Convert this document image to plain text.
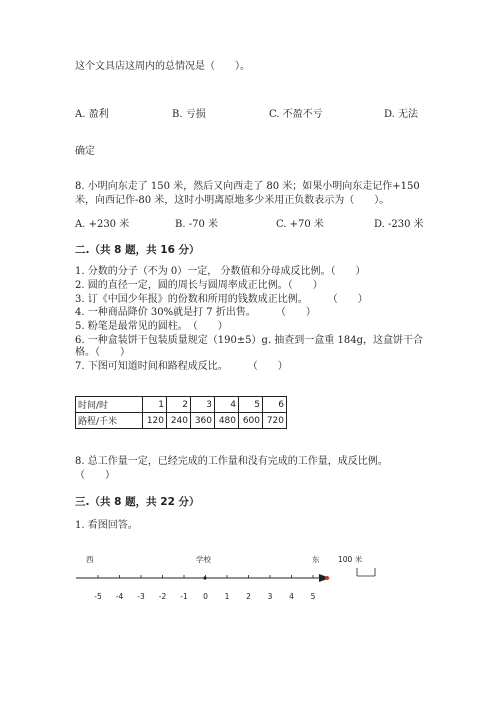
这个文具店这周内的总情况是（　　）。
A. 盈利	B. 亏损	C. 不盈不亏	D. 无法
确定
8. 小明向东走了 150 米，然后又向西走了 80 米；如果小明向东走记作+150
米，向西记作-80 米，这时小明离原地多少米用正负数表示为（　　）。
A. +230 米	B. -70 米	C. +70 米	D. -230 米
二.（共 8 题，共 16 分）
1. 分数的分子（不为 0）一定， 分数值和分母成反比例。（　　）
2. 圆的直径一定，圆的周长与圆周率成正比例。（　　）
3. 订《中国少年报》的份数和所用的钱数成正比例。　　　（　　）
4. 一种商品降价 30%就是打 7 折出售。　　　（　　）
5. 粉笔是最常见的圆柱。　（　　）
6. 一种盒装饼干包装质量规定（190±5）g. 抽查到一盒重 184g，这盒饼干合
格。（　　）
7. 下图可知道时间和路程成反比。　　　（　　）
时间/时	1	2	3	4	5	6
路程/千米	120	240	360	480	600	720
8. 总工作量一定，已经完成的工作量和没有完成的工作量，成反比例。
（　　）
三.（共 8 题，共 22 分）
1. 看图回答。
西	学校	东 100 米
-5 -4 -3 -2 -1 0 1 2 3 4 5
